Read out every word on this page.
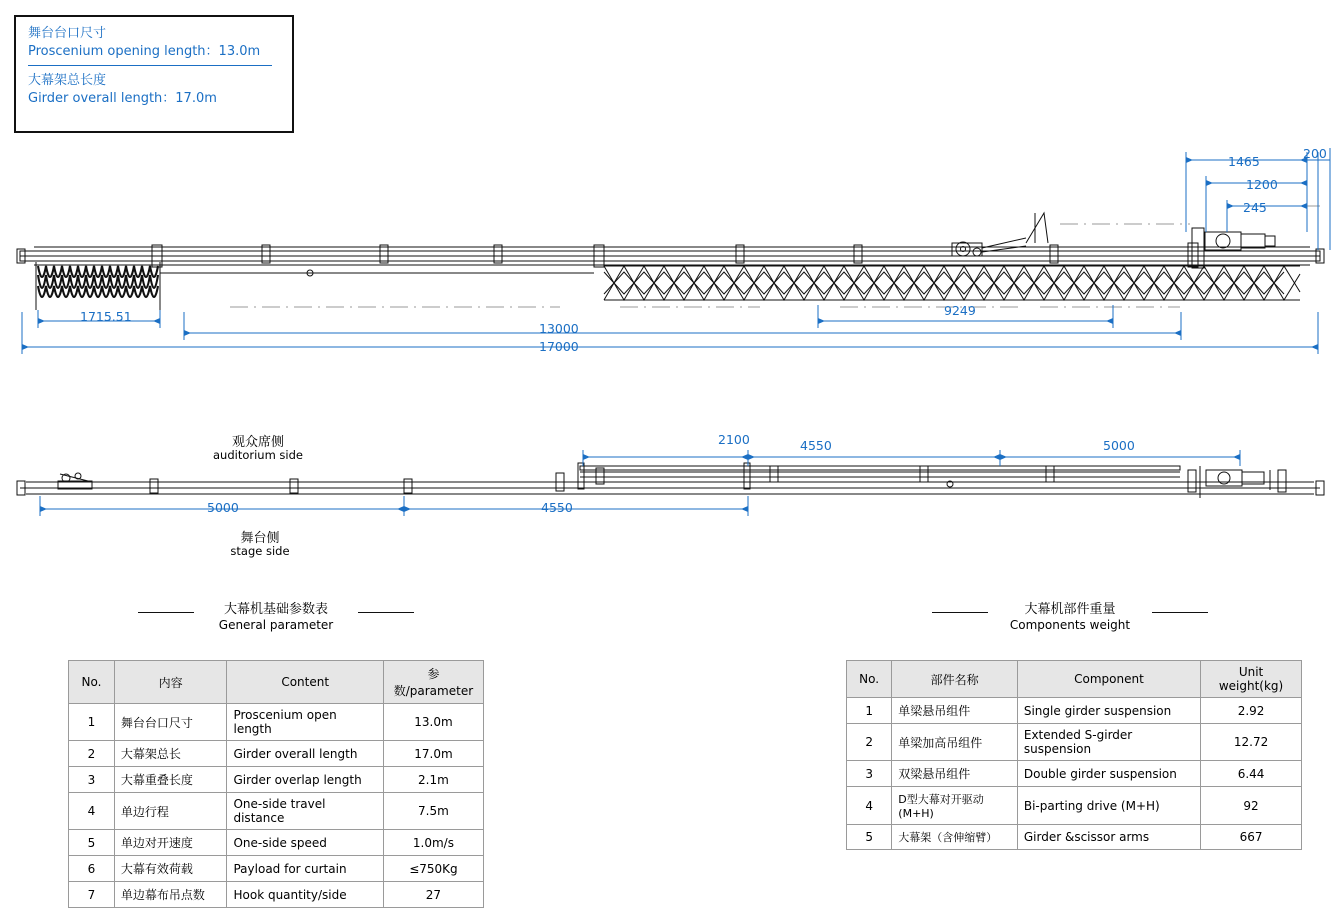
舞台台口尺寸
Proscenium opening length：13.0m
大幕架总长度
Girder overall length：17.0m
1465
1200
245
200
1715.51	9249
13000
17000
2100	4550	5000
5000	4550
观众席侧
auditorium side
舞台侧
stage side
大幕机基础参数表
General parameter
大幕机部件重量
Components weight
No.	内容	Content	参数/parameter
1	舞台台口尺寸	Proscenium open length	13.0m
2	大幕架总长	Girder overall length	17.0m
3	大幕重叠长度	Girder overlap length	2.1m
4	单边行程	One-side travel distance	7.5m
5	单边对开速度	One-side speed	1.0m/s
6	大幕有效荷载	Payload for curtain	≤750Kg
7	单边幕布吊点数	Hook quantity/side	27
No.	部件名称	Component	Unit weight(kg)
1	单梁悬吊组件	Single girder suspension	2.92
2	单梁加高吊组件	Extended S-girder suspension	12.72
3	双梁悬吊组件	Double girder suspension	6.44
4	D型大幕对开驱动(M+H)	Bi-parting drive (M+H)	92
5	大幕架（含伸缩臂）	Girder &scissor arms	667
